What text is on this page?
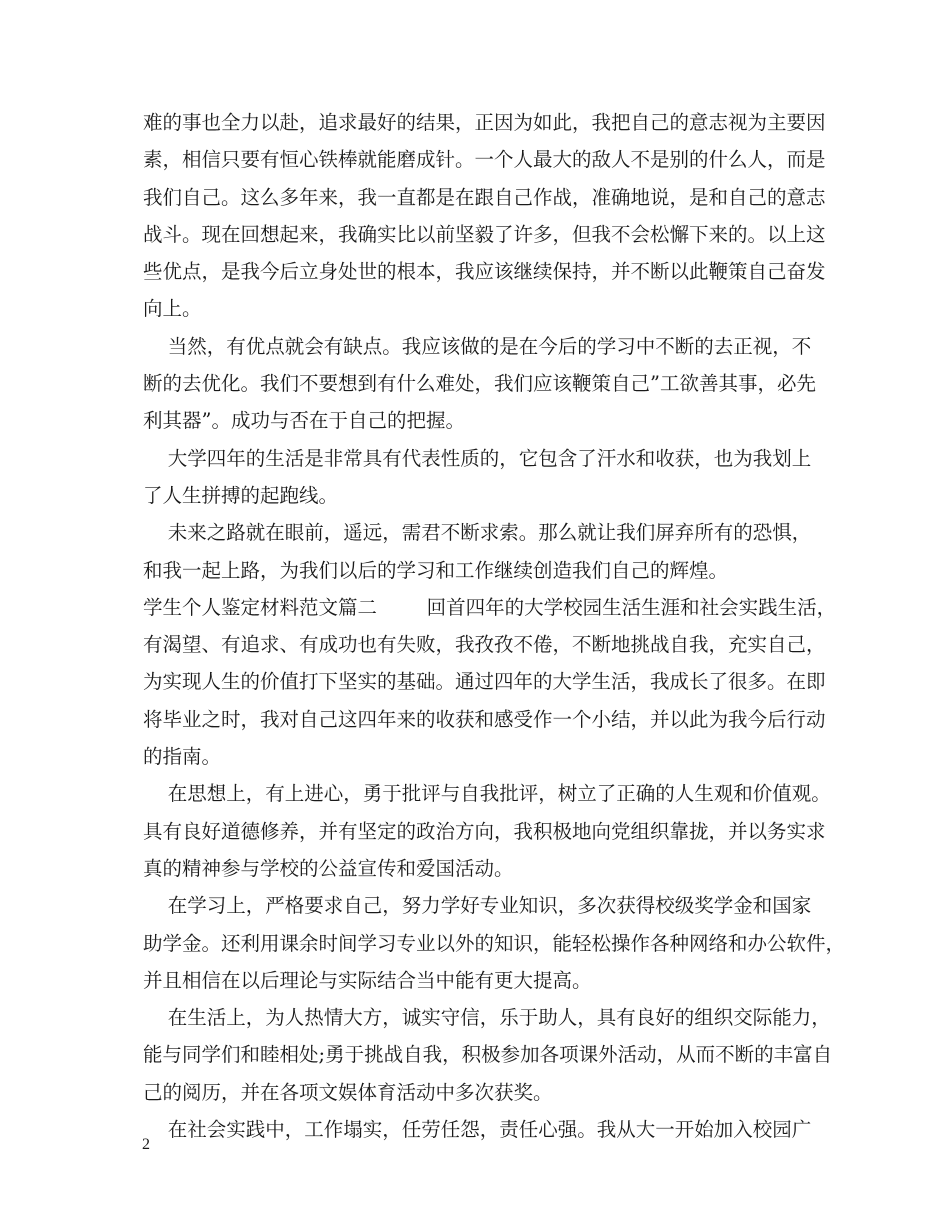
难的事也全力以赴，追求最好的结果，正因为如此，我把自己的意志视为主要因
素，相信只要有恒心铁棒就能磨成针。一个人最大的敌人不是别的什么人，而是
我们自己。这么多年来，我一直都是在跟自己作战，准确地说，是和自己的意志
战斗。现在回想起来，我确实比以前坚毅了许多，但我不会松懈下来的。以上这
些优点，是我今后立身处世的根本，我应该继续保持，并不断以此鞭策自己奋发
向上。
当然，有优点就会有缺点。我应该做的是在今后的学习中不断的去正视，不
断的去优化。我们不要想到有什么难处，我们应该鞭策自己”工欲善其事，必先
利其器”。成功与否在于自己的把握。
大学四年的生活是非常具有代表性质的，它包含了汗水和收获，也为我划上
了人生拼搏的起跑线。
未来之路就在眼前，遥远，需君不断求索。那么就让我们屏弃所有的恐惧，
和我一起上路，为我们以后的学习和工作继续创造我们自己的辉煌。
学生个人鉴定材料范文篇二        回首四年的大学校园生活生涯和社会实践生活，
有渴望、有追求、有成功也有失败，我孜孜不倦，不断地挑战自我，充实自己，
为实现人生的价值打下坚实的基础。通过四年的大学生活，我成长了很多。在即
将毕业之时，我对自己这四年来的收获和感受作一个小结，并以此为我今后行动
的指南。
在思想上，有上进心，勇于批评与自我批评，树立了正确的人生观和价值观。
具有良好道德修养，并有坚定的政治方向，我积极地向党组织靠拢，并以务实求
真的精神参与学校的公益宣传和爱国活动。
在学习上，严格要求自己，努力学好专业知识，多次获得校级奖学金和国家
助学金。还利用课余时间学习专业以外的知识，能轻松操作各种网络和办公软件，
并且相信在以后理论与实际结合当中能有更大提高。
在生活上，为人热情大方，诚实守信，乐于助人，具有良好的组织交际能力，
能与同学们和睦相处;勇于挑战自我，积极参加各项课外活动，从而不断的丰富自
己的阅历，并在各项文娱体育活动中多次获奖。
在社会实践中，工作塌实，任劳任怨，责任心强。我从大一开始加入校园广
2
